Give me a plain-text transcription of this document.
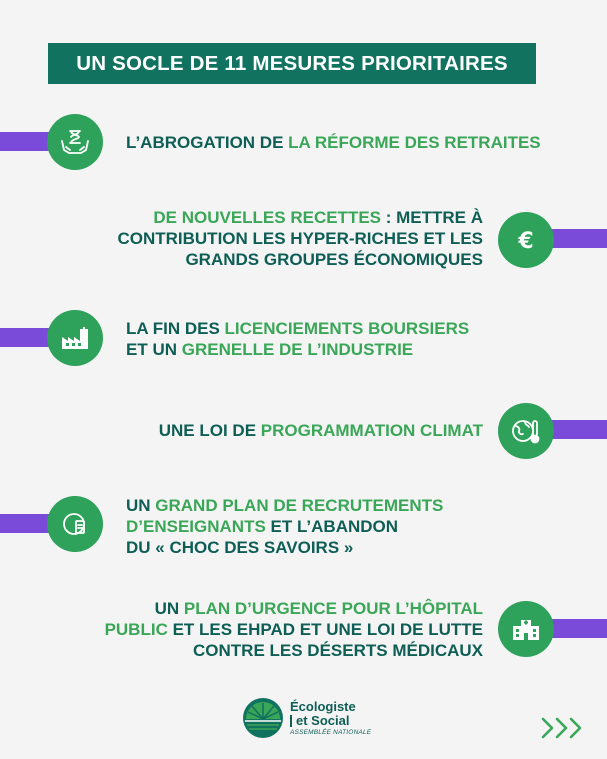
UN SOCLE DE 11 MESURES PRIORITAIRES
L’ABROGATION DE LA RÉFORME DES RETRAITES
DE NOUVELLES RECETTES : METTRE À
CONTRIBUTION LES HYPER-RICHES ET LES
GRANDS GROUPES ÉCONOMIQUES
€
LA FIN DES LICENCIEMENTS BOURSIERS
ET UN GRENELLE DE L’INDUSTRIE
UNE LOI DE PROGRAMMATION CLIMAT
UN GRAND PLAN DE RECRUTEMENTS
D’ENSEIGNANTS ET L’ABANDON
DU « CHOC DES SAVOIRS »
UN PLAN D’URGENCE POUR L’HÔPITAL
PUBLIC ET LES EHPAD ET UNE LOI DE LUTTE
CONTRE LES DÉSERTS MÉDICAUX
Écologiste
et Social
ASSEMBLÉE NATIONALE
